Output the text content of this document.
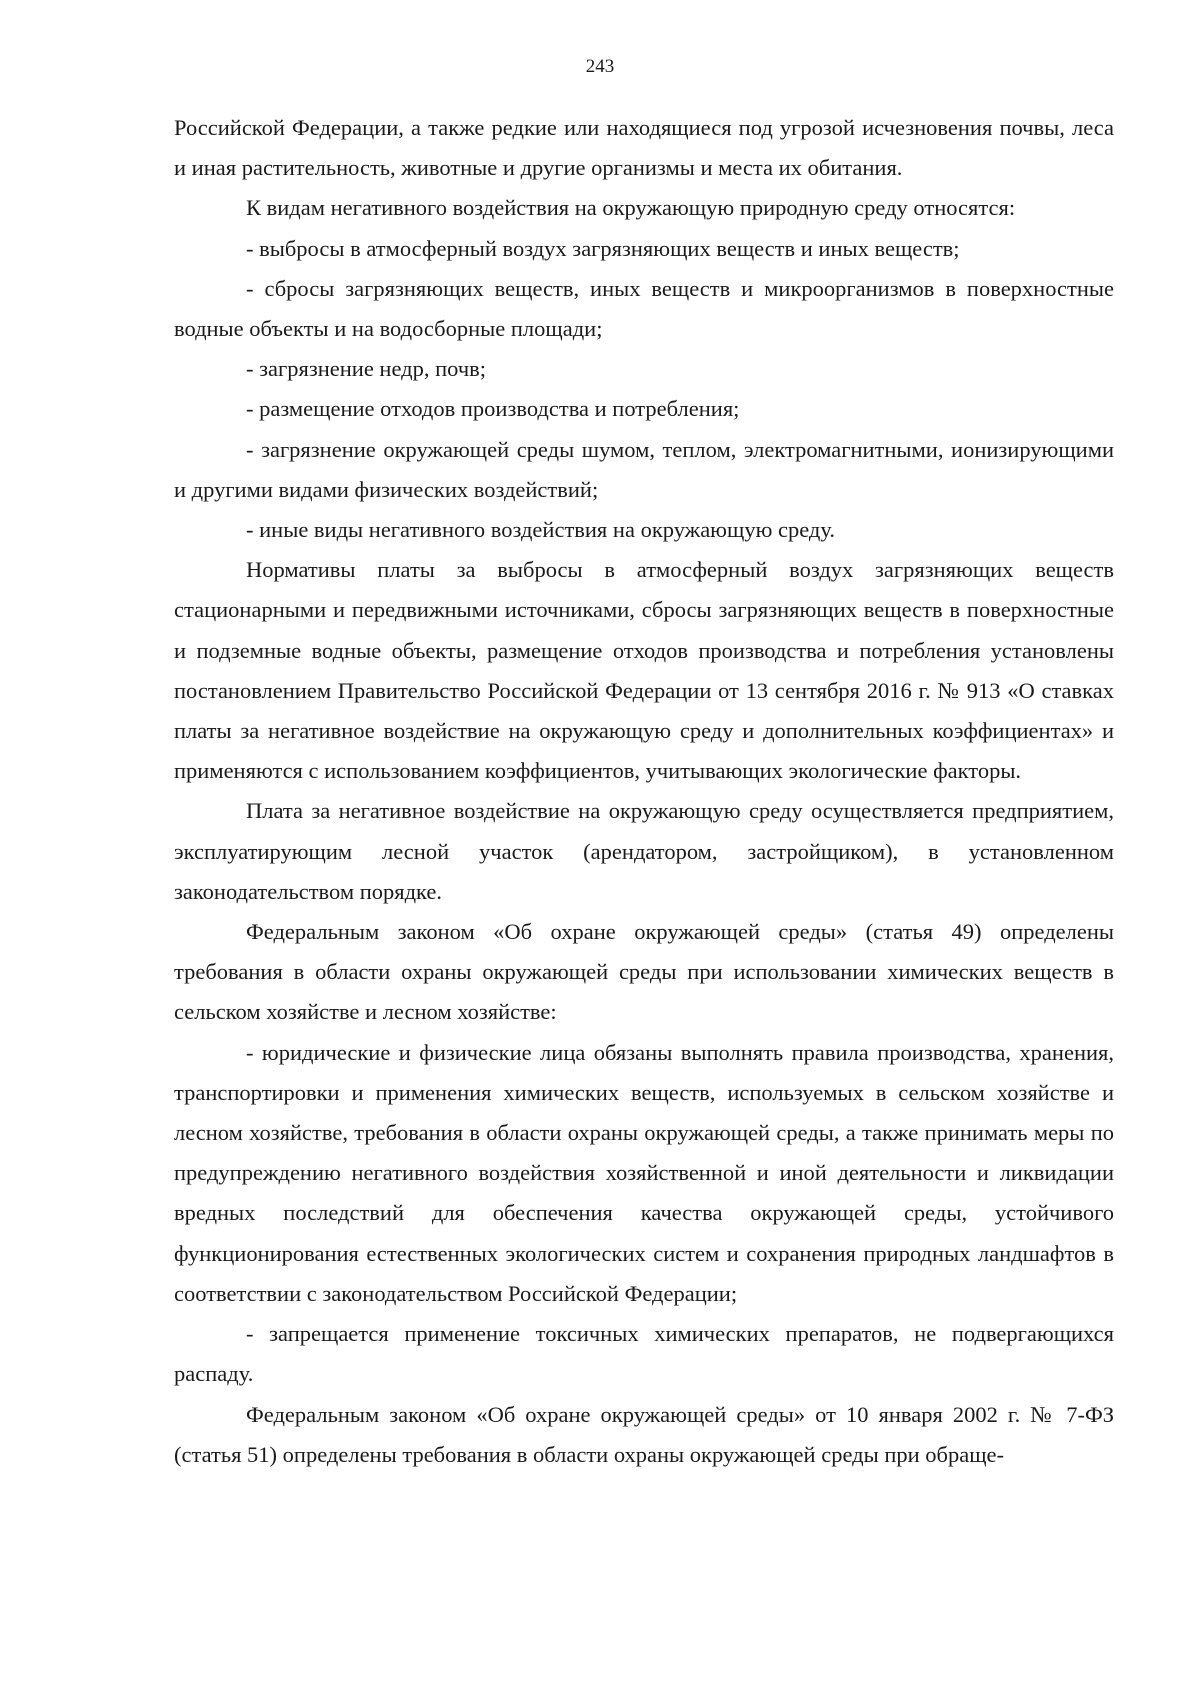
243

Российской Федерации, а также редкие или находящиеся под угрозой исчезновения почвы, леса и иная растительность, животные и другие организмы и места их обитания.

К видам негативного воздействия на окружающую природную среду относятся:

- выбросы в атмосферный воздух загрязняющих веществ и иных веществ;

- сбросы загрязняющих веществ, иных веществ и микроорганизмов в поверхностные водные объекты и на водосборные площади;

- загрязнение недр, почв;

- размещение отходов производства и потребления;

- загрязнение окружающей среды шумом, теплом, электромагнитными, ионизирующими и другими видами физических воздействий;

- иные виды негативного воздействия на окружающую среду.

Нормативы платы за выбросы в атмосферный воздух загрязняющих веществ стационарными и передвижными источниками, сбросы загрязняющих веществ в поверхностные и подземные водные объекты, размещение отходов производства и потребления установлены постановлением Правительство Российской Федерации от 13 сентября 2016 г. № 913 «О ставках платы за негативное воздействие на окружающую среду и дополнительных коэффициентах» и применяются с использованием коэффициентов, учитывающих экологические факторы.

Плата за негативное воздействие на окружающую среду осуществляется предприятием, эксплуатирующим лесной участок (арендатором, застройщиком), в установленном законодательством порядке.

Федеральным законом «Об охране окружающей среды» (статья 49) определены требования в области охраны окружающей среды при использовании химических веществ в сельском хозяйстве и лесном хозяйстве:

- юридические и физические лица обязаны выполнять правила производства, хранения, транспортировки и применения химических веществ, используемых в сельском хозяйстве и лесном хозяйстве, требования в области охраны окружающей среды, а также принимать меры по предупреждению негативного воздействия хозяйственной и иной деятельности и ликвидации вредных последствий для обеспечения качества окружающей среды, устойчивого функционирования естественных экологических систем и сохранения природных ландшафтов в соответствии с законодательством Российской Федерации;

- запрещается применение токсичных химических препаратов, не подвергающихся распаду.

Федеральным законом «Об охране окружающей среды» от 10 января 2002 г. № 7-ФЗ (статья 51) определены требования в области охраны окружающей среды при обраще-
